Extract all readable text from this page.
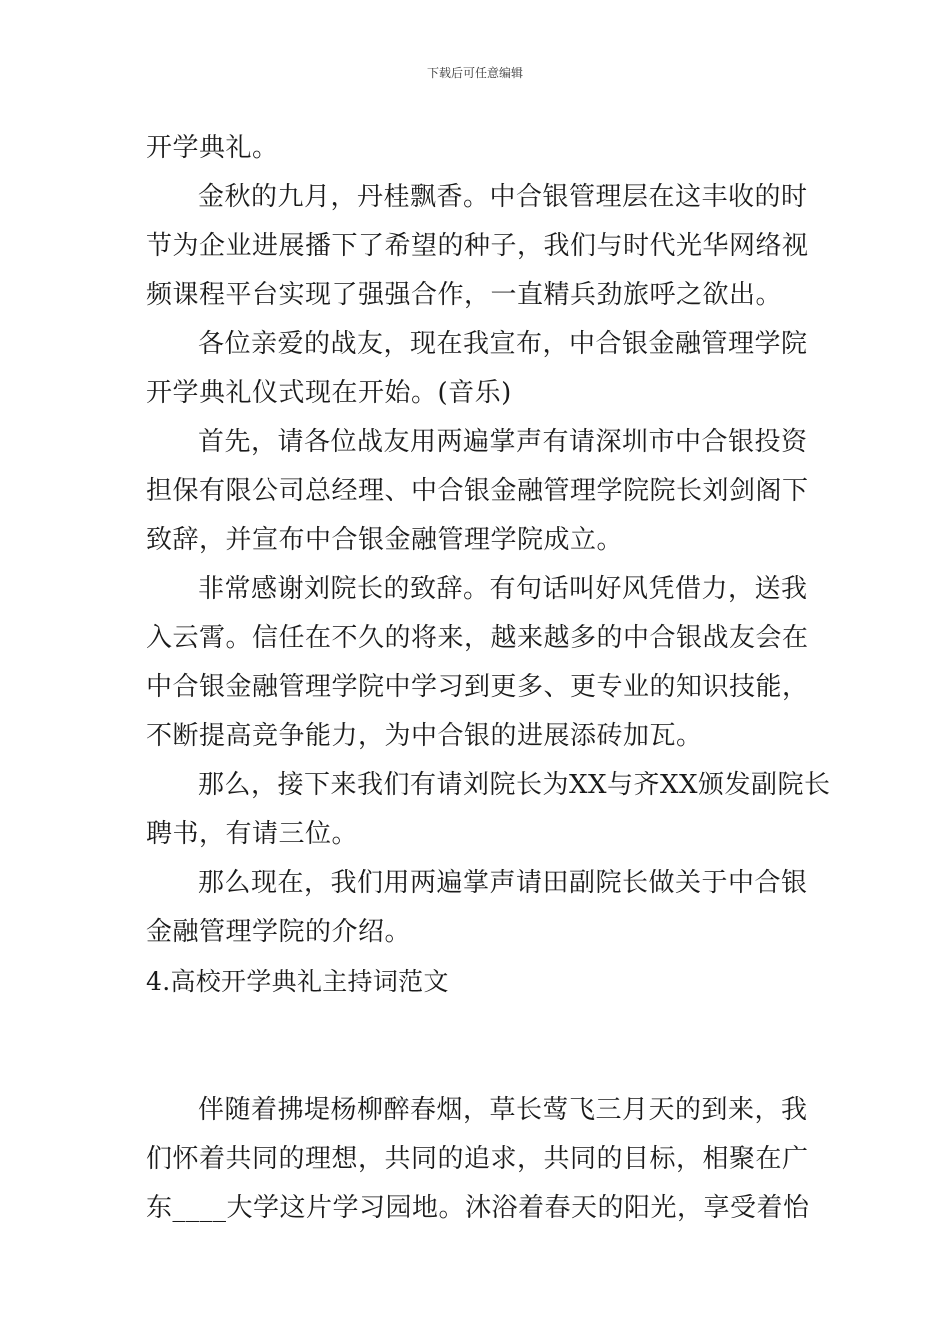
下载后可任意编辑
开学典礼。
金秋的九月，丹桂飘香。中合银管理层在这丰收的时
节为企业进展播下了希望的种子，我们与时代光华网络视
频课程平台实现了强强合作，一直精兵劲旅呼之欲出。
各位亲爱的战友，现在我宣布，中合银金融管理学院
开学典礼仪式现在开始。(音乐)
首先，请各位战友用两遍掌声有请深圳市中合银投资
担保有限公司总经理、中合银金融管理学院院长刘剑阁下
致辞，并宣布中合银金融管理学院成立。
非常感谢刘院长的致辞。有句话叫好风凭借力，送我
入云霄。信任在不久的将来，越来越多的中合银战友会在
中合银金融管理学院中学习到更多、更专业的知识技能，
不断提高竞争能力，为中合银的进展添砖加瓦。
那么，接下来我们有请刘院长为XX与齐XX颁发副院长
聘书，有请三位。
那么现在，我们用两遍掌声请田副院长做关于中合银
金融管理学院的介绍。
4.高校开学典礼主持词范文
伴随着拂堤杨柳醉春烟，草长莺飞三月天的到来，我
们怀着共同的理想，共同的追求，共同的目标，相聚在广
东____大学这片学习园地。沐浴着春天的阳光，享受着怡
